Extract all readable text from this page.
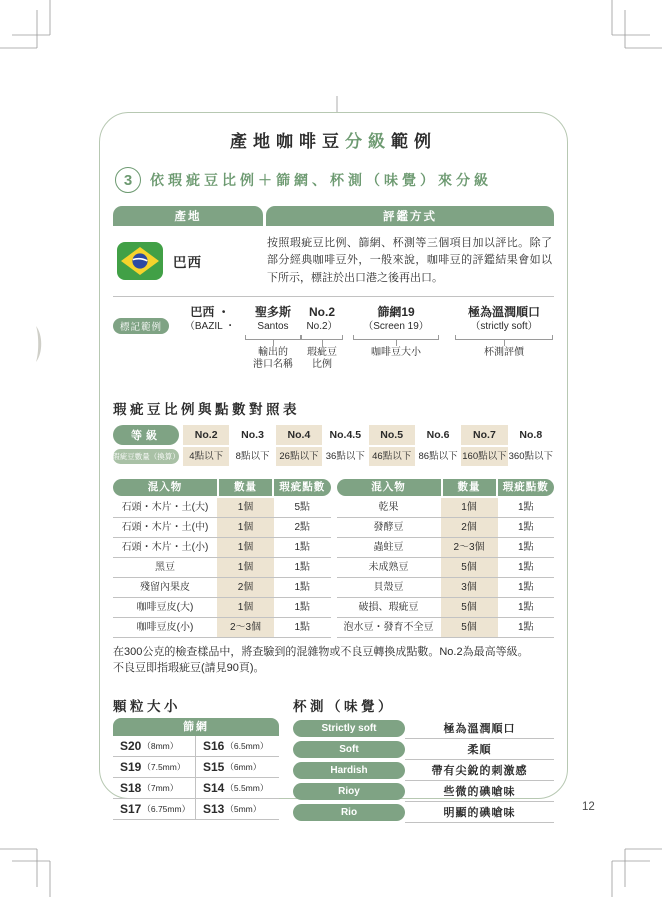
產地咖啡豆分級範例
3	依瑕疵豆比例＋篩網、杯測（味覺）來分級
產地	評鑑方式
巴西
按照瑕疵豆比例、篩網、杯測等三個項目加以評比。除了部分經典咖啡豆外，一般來說，咖啡豆的評鑑結果會如以下所示，標註於出口港之後再出口。
標記範例
巴西 ・
（BAZIL ・
聖多斯
Santos
輸出的
港口名稱
No.2
No.2）
瑕疵豆
比例
篩網19
（Screen 19）
咖啡豆大小
極為溫潤順口
（strictly soft）
杯測評價
瑕疵豆比例與點數對照表
等級	No.2	No.3	No.4	No.4.5	No.5	No.6	No.7	No.8
瑕疵豆數量（換算）	4點以下	8點以下	26點以下 36點以下 46點以下 86點以下 160點以下 360點以下
混入物	數量	瑕疵點數
石頭・木片・土(大)	1個	5點
石頭・木片・土(中)	1個	2點
石頭・木片・土(小)	1個	1點
黑豆	1個	1點
殘留內果皮	2個	1點
咖啡豆皮(大)	1個	1點
咖啡豆皮(小)	2～3個	1點
混入物	數量	瑕疵點數
乾果	1個	1點
發酵豆	2個	1點
蟲蛀豆	2～3個	1點
未成熟豆	5個	1點
貝殼豆	3個	1點
破損、瑕疵豆	5個	1點
泡水豆・發育不全豆	5個	1點
在300公克的檢查樣品中，將查驗到的混雜物或不良豆轉換成點數。No.2為最高等級。
不良豆即指瑕疵豆(請見90頁)。
顆粒大小
篩網
S20 （8mm） S16 （6.5mm）
S19 （7.5mm） S15 （6mm）
S18 （7mm） S14 （5.5mm）
S17 （6.75mm） S13 （5mm）
杯測（味覺）
Strictly soft	極為溫潤順口
Soft	柔順
Hardish	帶有尖銳的刺激感
Rioy	些微的碘嗆味
Rio	明顯的碘嗆味
12
